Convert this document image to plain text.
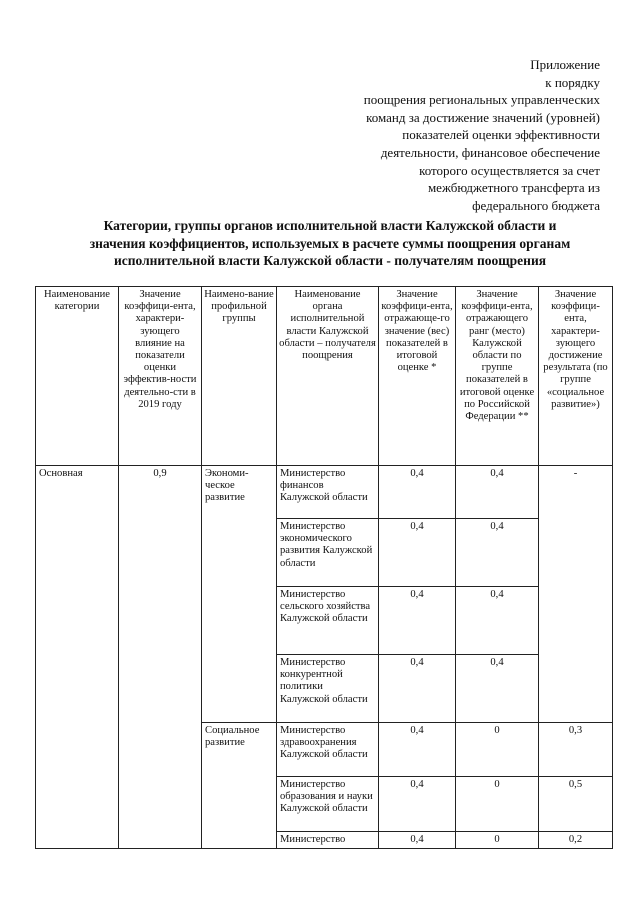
Приложение
к порядку
поощрения региональных управленческих
команд за достижение значений (уровней)
показателей оценки эффективности
деятельности, финансовое обеспечение
которого осуществляется за счет
межбюджетного трансферта из
федерального бюджета
Категории, группы органов исполнительной власти Калужской области и
значения коэффициентов, используемых в расчете суммы поощрения органам
исполнительной власти Калужской области - получателям поощрения
Наименование категории	Значение коэффици-ента, характери-зующего влияние на показатели оценки эффектив-ности деятельно-сти в 2019 году	Наимено-вание профильной группы	Наименование органа исполнительной власти Калужской области – получателя поощрения	Значение коэффици-ента, отражающе-го значение (вес) показателей в итоговой оценке *	Значение коэффици-ента, отражающего ранг (место) Калужской области по группе показателей в итоговой оценке по Российской Федерации **	Значение коэффици-ента, характери-зующего достижение результата (по группе «социальное развитие»)
Основная	0,9	Экономи-ческое развитие	Министерство финансов Калужской области	0,4	0,4	-
			Министерство экономического развития Калужской области	0,4	0,4	
			Министерство сельского хозяйства Калужской области	0,4	0,4	
			Министерство конкурентной политики Калужской области	0,4	0,4	
		Социальное развитие	Министерство здравоохранения Калужской области	0,4	0	0,3
			Министерство образования и науки Калужской области	0,4	0	0,5
			Министерство	0,4	0	0,2
